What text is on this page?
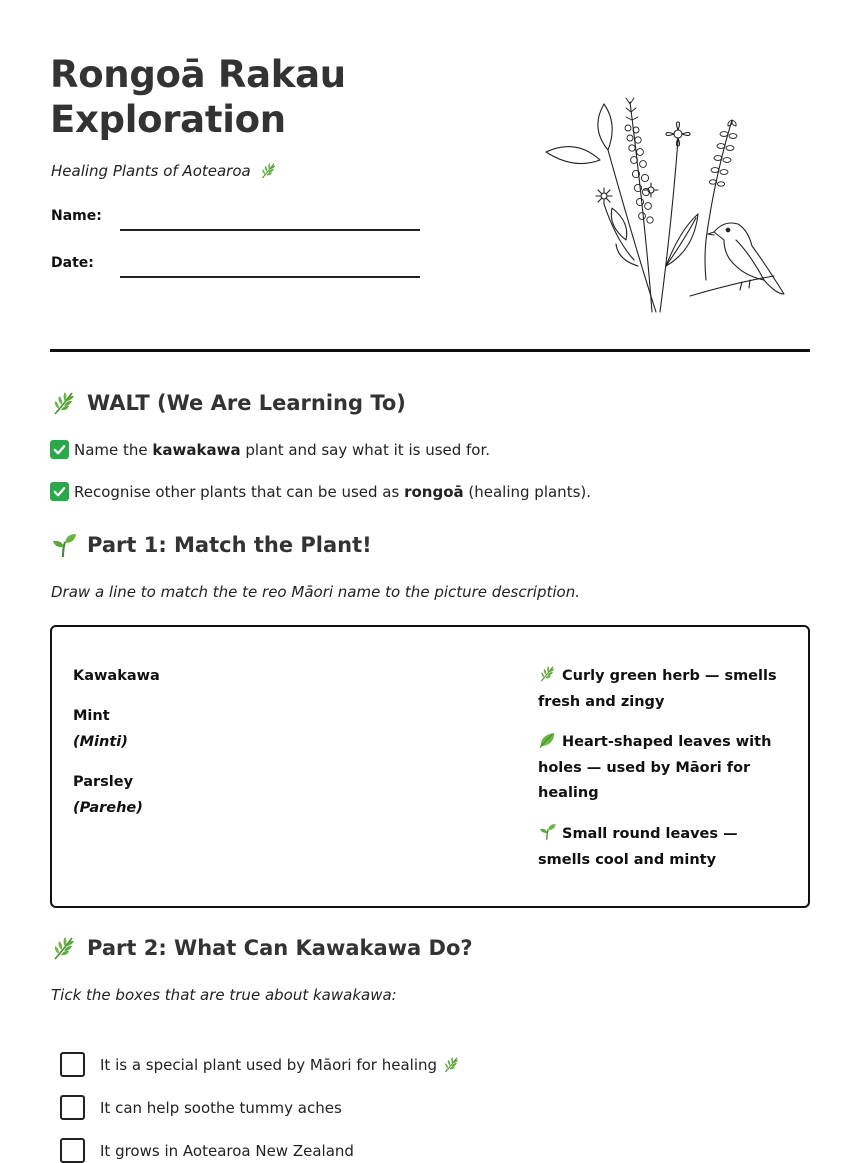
Rongoā Rakau
Exploration
Healing Plants of Aotearoa
Name:
Date:
WALT (We Are Learning To)
Name the kawakawa plant and say what it is used for.
Recognise other plants that can be used as rongoā (healing plants).
Part 1: Match the Plant!
Draw a line to match the te reo Māori name to the picture description.
Kawakawa
Mint
(Minti)
Parsley
(Parehe)
Curly green herb — smells fresh and zingy
Heart-shaped leaves with holes — used by Māori for healing
Small round leaves — smells cool and minty
Part 2: What Can Kawakawa Do?
Tick the boxes that are true about kawakawa:
It is a special plant used by Māori for healing
It can help soothe tummy aches
It grows in Aotearoa New Zealand
